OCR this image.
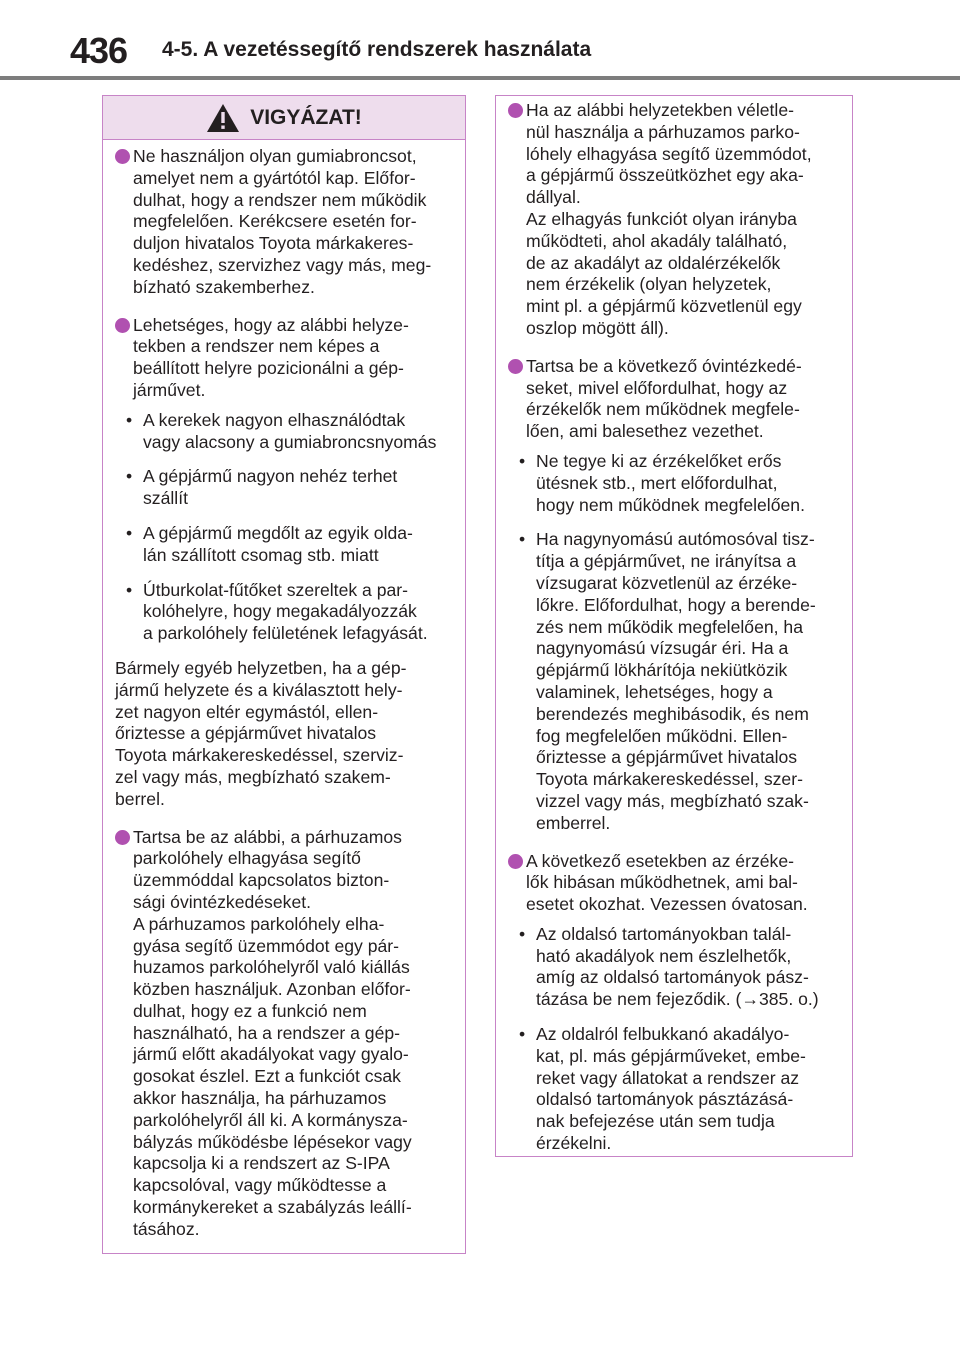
436 4-5. A vezetéssegítő rendszerek használata
VIGYÁZAT!
Ne használjon olyan gumiabroncsot,
amelyet nem a gyártótól kap. Előfor-
dulhat, hogy a rendszer nem működik
megfelelően. Kerékcsere esetén for-
duljon hivatalos Toyota márkakeres-
kedéshez, szervizhez vagy más, meg-
bízható szakemberhez.
Lehetséges, hogy az alábbi helyze-
tekben a rendszer nem képes a
beállított helyre pozicionálni a gép-
járművet.
• A kerekek nagyon elhasználódtak
vagy alacsony a gumiabroncsnyomás
• A gépjármű nagyon nehéz terhet
szállít
• A gépjármű megdőlt az egyik olda-
lán szállított csomag stb. miatt
• Útburkolat-fűtőket szereltek a par-
kolóhelyre, hogy megakadályozzák
a parkolóhely felületének lefagyását.
Bármely egyéb helyzetben, ha a gép-
jármű helyzete és a kiválasztott hely-
zet nagyon eltér egymástól, ellen-
őriztesse a gépjárművet hivatalos
Toyota márkakereskedéssel, szerviz-
zel vagy más, megbízható szakem-
berrel.
Tartsa be az alábbi, a párhuzamos
parkolóhely elhagyása segítő
üzemmóddal kapcsolatos bizton-
sági óvintézkedéseket.
A párhuzamos parkolóhely elha-
gyása segítő üzemmódot egy pár-
huzamos parkolóhelyről való kiállás
közben használjuk. Azonban előfor-
dulhat, hogy ez a funkció nem
használható, ha a rendszer a gép-
jármű előtt akadályokat vagy gyalo-
gosokat észlel. Ezt a funkciót csak
akkor használja, ha párhuzamos
parkolóhelyről áll ki. A kormánysza-
bályzás működésbe lépésekor vagy
kapcsolja ki a rendszert az S-IPA
kapcsolóval, vagy működtesse a
kormánykereket a szabályzás leállí-
tásához.
Ha az alábbi helyzetekben véletle-
nül használja a párhuzamos parko-
lóhely elhagyása segítő üzemmódot,
a gépjármű összeütközhet egy aka-
dállyal.
Az elhagyás funkciót olyan irányba
működteti, ahol akadály található,
de az akadályt az oldalérzékelők
nem érzékelik (olyan helyzetek,
mint pl. a gépjármű közvetlenül egy
oszlop mögött áll).
Tartsa be a következő óvintézkedé-
seket, mivel előfordulhat, hogy az
érzékelők nem működnek megfele-
lően, ami balesethez vezethet.
• Ne tegye ki az érzékelőket erős
ütésnek stb., mert előfordulhat,
hogy nem működnek megfelelően.
• Ha nagynyomású autómosóval tisz-
títja a gépjárművet, ne irányítsa a
vízsugarat közvetlenül az érzéke-
lőkre. Előfordulhat, hogy a berende-
zés nem működik megfelelően, ha
nagynyomású vízsugár éri. Ha a
gépjármű lökhárítója nekiütközik
valaminek, lehetséges, hogy a
berendezés meghibásodik, és nem
fog megfelelően működni. Ellen-
őriztesse a gépjárművet hivatalos
Toyota márkakereskedéssel, szer-
vizzel vagy más, megbízható szak-
emberrel.
A következő esetekben az érzéke-
lők hibásan működhetnek, ami bal-
esetet okozhat. Vezessen óvatosan.
• Az oldalsó tartományokban talál-
ható akadályok nem észlelhetők,
amíg az oldalsó tartományok pász-
tázása be nem fejeződik. (→385. o.)
• Az oldalról felbukkanó akadályo-
kat, pl. más gépjárműveket, embe-
reket vagy állatokat a rendszer az
oldalsó tartományok pásztázásá-
nak befejezése után sem tudja
érzékelni.
